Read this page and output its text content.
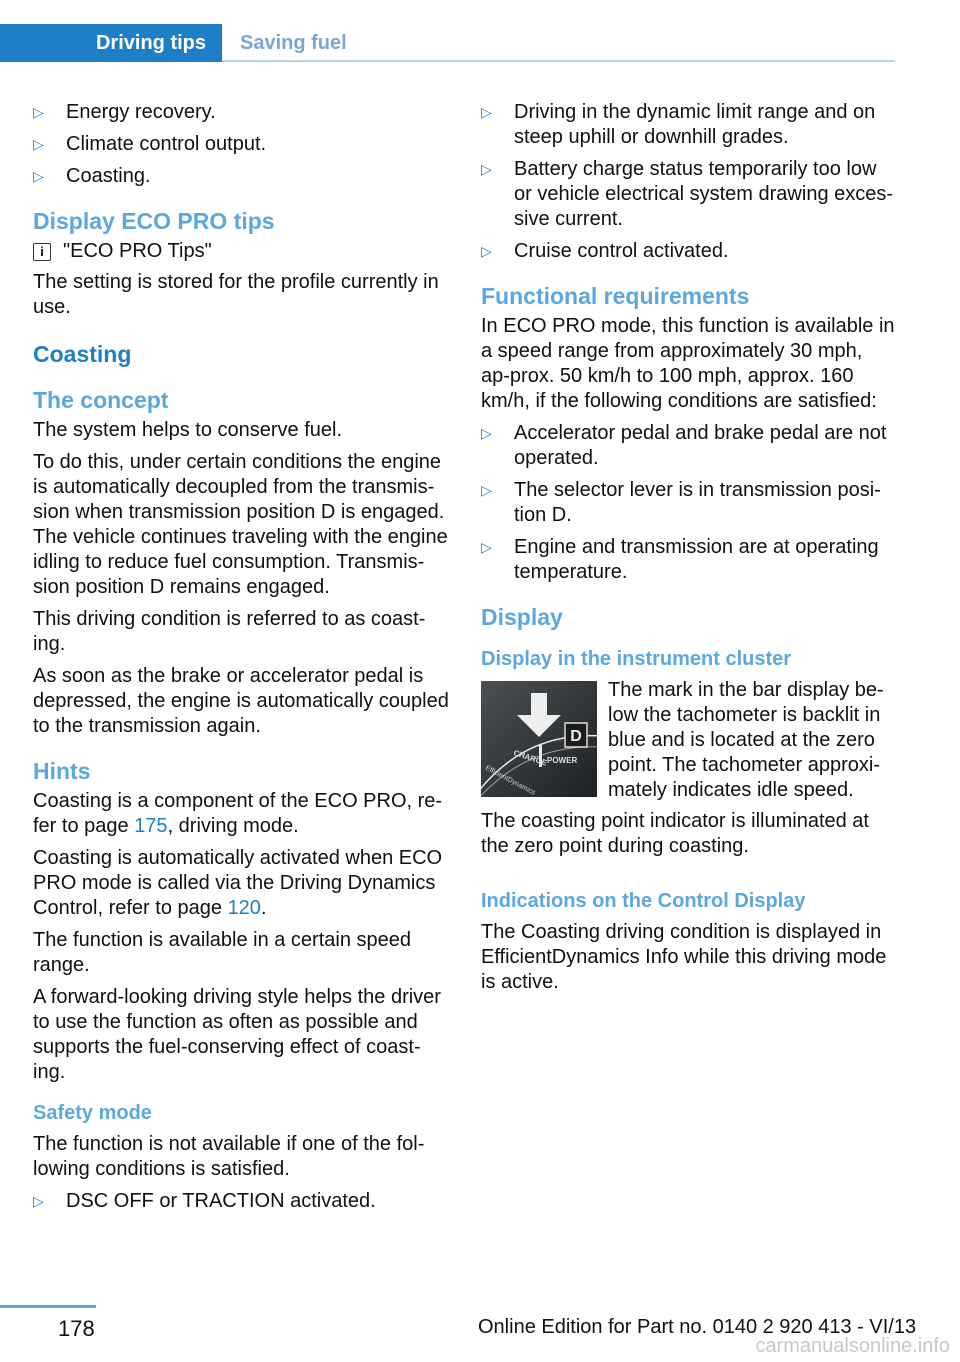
Driving tips	Saving fuel
▷ Energy recovery.
▷ Climate control output.
▷ Coasting.
Display ECO PRO tips
i "ECO PRO Tips"

The setting is stored for the profile currently in use.

Coasting
The concept

The system helps to conserve fuel.

To do this, under certain conditions the engine is automatically decoupled from the transmis‐sion when transmission position D is engaged. The vehicle continues traveling with the engine idling to reduce fuel consumption. Transmis‐sion position D remains engaged.

This driving condition is referred to as coast‐ing.

As soon as the brake or accelerator pedal is depressed, the engine is automatically coupled to the transmission again.

Hints

Coasting is a component of the ECO PRO, re‐fer to page 175, driving mode.

Coasting is automatically activated when ECO PRO mode is called via the Driving Dynamics Control, refer to page 120.

The function is available in a certain speed range.

A forward-looking driving style helps the driver to use the function as often as possible and supports the fuel-conserving effect of coast‐ing.

Safety mode

The function is not available if one of the fol‐lowing conditions is satisfied.

▷ DSC OFF or TRACTION activated.
▷ Driving in the dynamic limit range and on steep uphill or downhill grades.
▷ Battery charge status temporarily too low or vehicle electrical system drawing exces‐sive current.
▷ Cruise control activated.
Functional requirements

In ECO PRO mode, this function is available in a speed range from approximately 30 mph, ap‐prox. 50 km/h to 100 mph, approx. 160 km/h, if the following conditions are satisfied:

▷ Accelerator pedal and brake pedal are not operated.
▷ The selector lever is in transmission posi‐tion D.
▷ Engine and transmission are at operating temperature.
Display
Display in the instrument cluster
D
CHARGE
POWER
EfficientDynamics

The mark in the bar display be‐low the tachometer is backlit in blue and is located at the zero point. The tachometer approxi‐mately indicates idle speed.

The coasting point indicator is illuminated at the zero point during coasting.

Indications on the Control Display

The Coasting driving condition is displayed in EfficientDynamics Info while this driving mode is active.

178	Online Edition for Part no. 0140 2 920 413 - VI/13
carmanualsonline.info
